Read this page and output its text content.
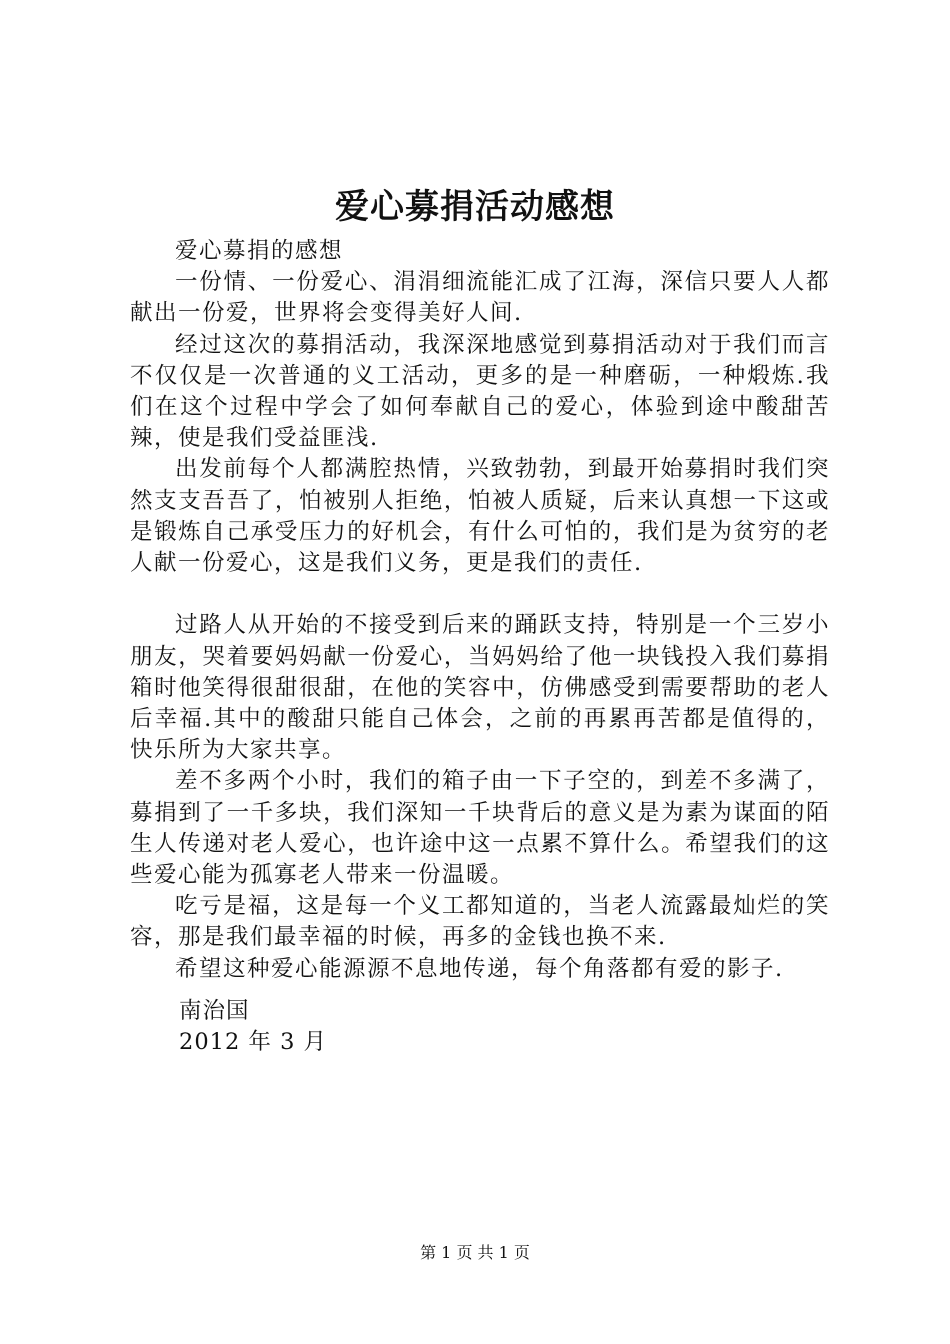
爱心募捐活动感想

爱心募捐的感想

一份情、一份爱心、涓涓细流能汇成了江海，深信只要人人都献出一份爱，世界将会变得美好人间.

经过这次的募捐活动，我深深地感觉到募捐活动对于我们而言不仅仅是一次普通的义工活动，更多的是一种磨砺，一种煅炼.我们在这个过程中学会了如何奉献自己的爱心，体验到途中酸甜苦辣，使是我们受益匪浅.

出发前每个人都满腔热情，兴致勃勃，到最开始募捐时我们突然支支吾吾了，怕被别人拒绝，怕被人质疑，后来认真想一下这或是锻炼自己承受压力的好机会，有什么可怕的，我们是为贫穷的老人献一份爱心，这是我们义务，更是我们的责任.

过路人从开始的不接受到后来的踊跃支持，特别是一个三岁小朋友，哭着要妈妈献一份爱心，当妈妈给了他一块钱投入我们募捐箱时他笑得很甜很甜，在他的笑容中，仿佛感受到需要帮助的老人后幸福.其中的酸甜只能自己体会，之前的再累再苦都是值得的，快乐所为大家共享。

差不多两个小时，我们的箱子由一下子空的，到差不多满了，募捐到了一千多块，我们深知一千块背后的意义是为素为谋面的陌生人传递对老人爱心，也许途中这一点累不算什么。希望我们的这些爱心能为孤寡老人带来一份温暖。

吃亏是福，这是每一个义工都知道的，当老人流露最灿烂的笑容，那是我们最幸福的时候，再多的金钱也换不来.

希望这种爱心能源源不息地传递，每个角落都有爱的影子.

南治国
2012 年 3 月
第 1 页 共 1 页
